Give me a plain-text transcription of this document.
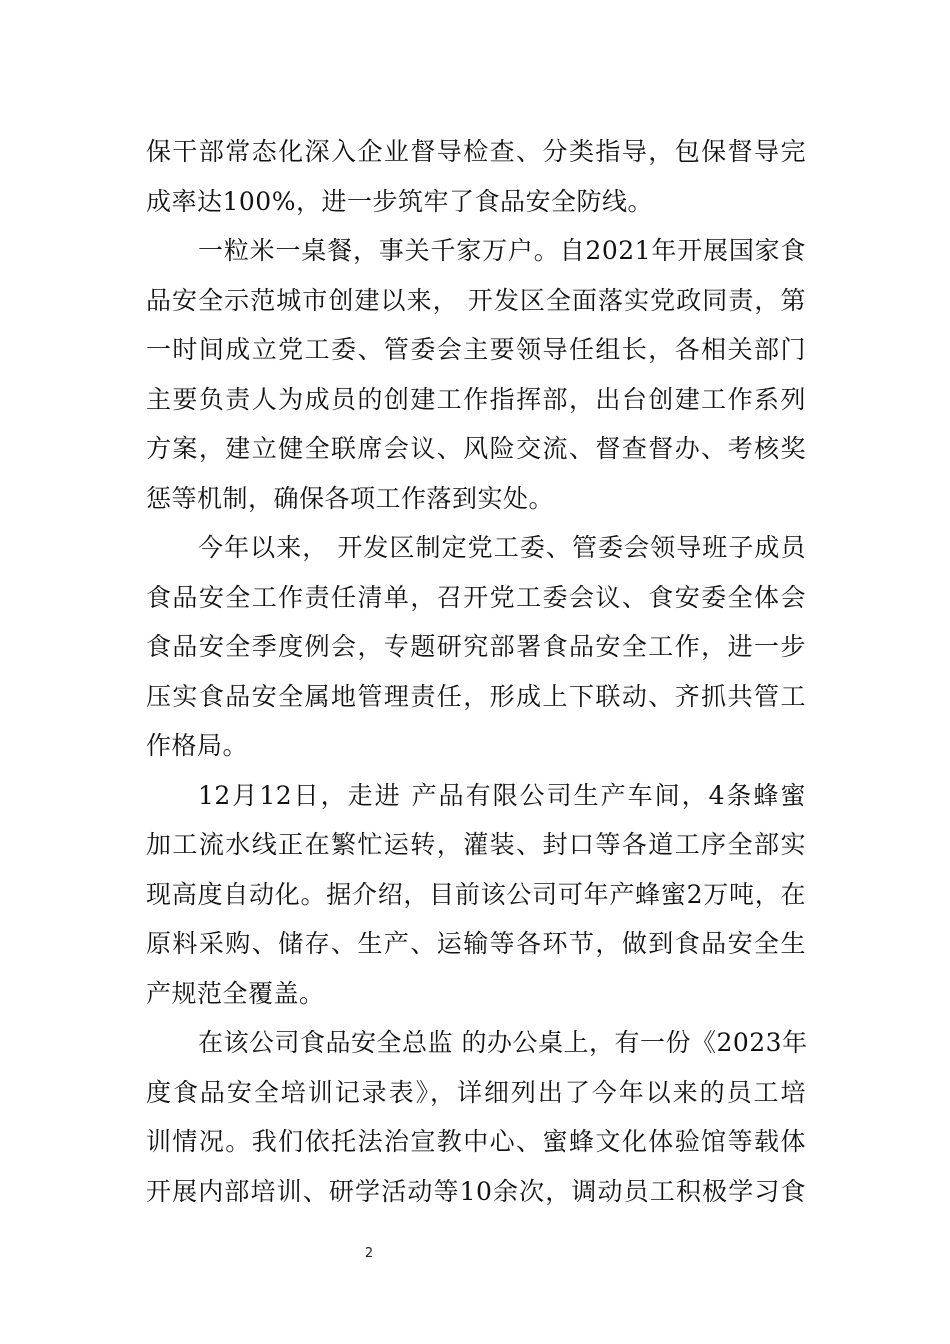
保干部常态化深入企业督导检查、分类指导，包保督导完
成率达100%，进一步筑牢了食品安全防线。
一粒米一桌餐，事关千家万户。自2021年开展国家食
品安全示范城市创建以来， 开发区全面落实党政同责，第
一时间成立党工委、管委会主要领导任组长，各相关部门
主要负责人为成员的创建工作指挥部，出台创建工作系列
方案，建立健全联席会议、风险交流、督查督办、考核奖
惩等机制，确保各项工作落到实处。
今年以来， 开发区制定党工委、管委会领导班子成员
食品安全工作责任清单，召开党工委会议、食安委全体会
食品安全季度例会，专题研究部署食品安全工作，进一步
压实食品安全属地管理责任，形成上下联动、齐抓共管工
作格局。
12月12日，走进 产品有限公司生产车间，4条蜂蜜
加工流水线正在繁忙运转，灌装、封口等各道工序全部实
现高度自动化。据介绍，目前该公司可年产蜂蜜2万吨，在
原料采购、储存、生产、运输等各环节，做到食品安全生
产规范全覆盖。
在该公司食品安全总监 的办公桌上，有一份《2023年
度食品安全培训记录表》，详细列出了今年以来的员工培
训情况。我们依托法治宣教中心、蜜蜂文化体验馆等载体
开展内部培训、研学活动等10余次，调动员工积极学习食
2
